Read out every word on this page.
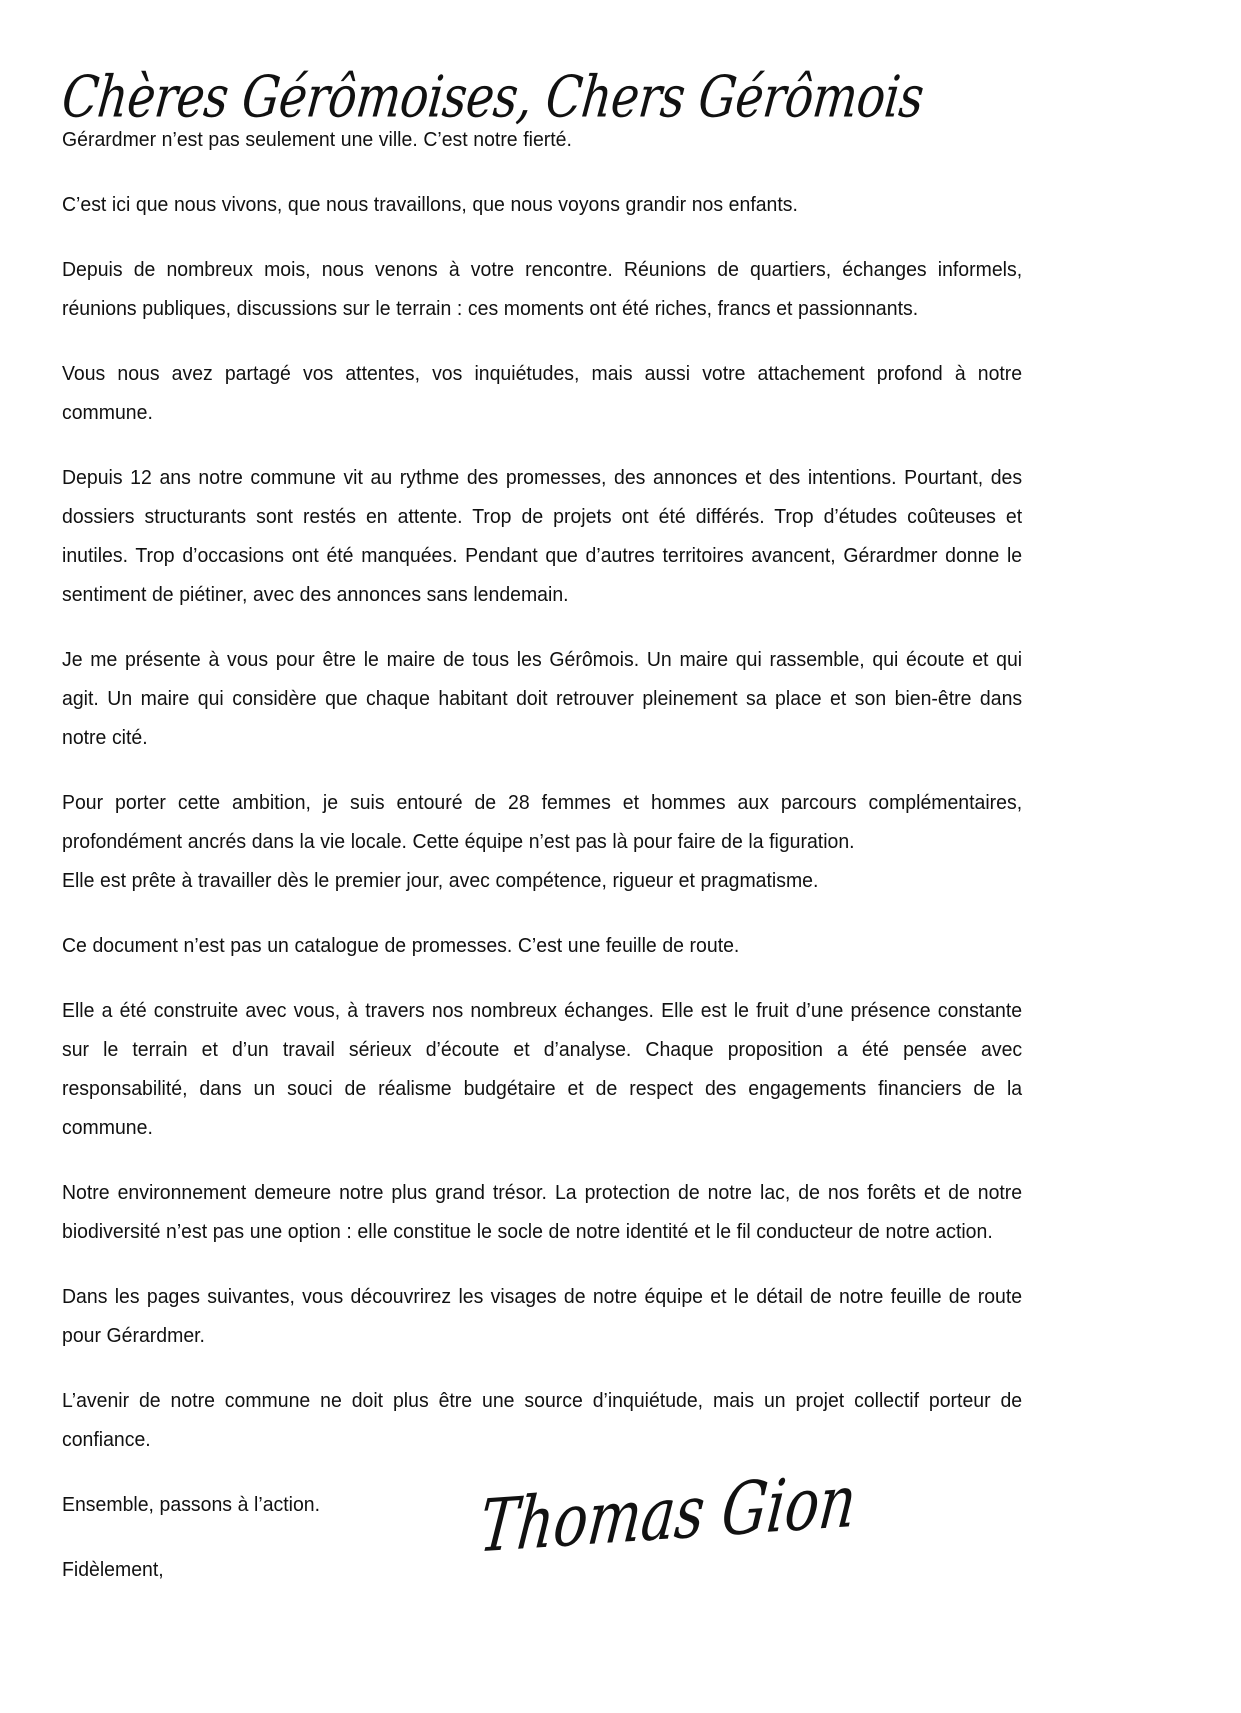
Chères Gérômoises, Chers Gérômois

Gérardmer n’est pas seulement une ville. C’est notre fierté.

C’est ici que nous vivons, que nous travaillons, que nous voyons grandir nos enfants.

Depuis de nombreux mois, nous venons à votre rencontre. Réunions de quartiers, échanges informels, réunions publiques, discussions sur le terrain : ces moments ont été riches, francs et passionnants.

Vous nous avez partagé vos attentes, vos inquiétudes, mais aussi votre attachement profond à notre commune.

Depuis 12 ans notre commune vit au rythme des promesses, des annonces et des intentions. Pourtant, des dossiers structurants sont restés en attente. Trop de projets ont été différés. Trop d’études coûteuses et inutiles. Trop d’occasions ont été manquées. Pendant que d’autres territoires avancent, Gérardmer donne le sentiment de piétiner, avec des annonces sans lendemain.

Je me présente à vous pour être le maire de tous les Gérômois. Un maire qui rassemble, qui écoute et qui agit. Un maire qui considère que chaque habitant doit retrouver pleinement sa place et son bien-être dans notre cité.

Pour porter cette ambition, je suis entouré de 28 femmes et hommes aux parcours complémentaires, profondément ancrés dans la vie locale. Cette équipe n’est pas là pour faire de la figuration.

Elle est prête à travailler dès le premier jour, avec compétence, rigueur et pragmatisme.

Ce document n’est pas un catalogue de promesses. C’est une feuille de route.

Elle a été construite avec vous, à travers nos nombreux échanges. Elle est le fruit d’une présence constante sur le terrain et d’un travail sérieux d’écoute et d’analyse. Chaque proposition a été pensée avec responsabilité, dans un souci de réalisme budgétaire et de respect des engagements financiers de la commune.

Notre environnement demeure notre plus grand trésor. La protection de notre lac, de nos forêts et de notre biodiversité n’est pas une option : elle constitue le socle de notre identité et le fil conducteur de notre action.

Dans les pages suivantes, vous découvrirez les visages de notre équipe et le détail de notre feuille de route pour Gérardmer.

L’avenir de notre commune ne doit plus être une source d’inquiétude, mais un projet collectif porteur de confiance.

Ensemble, passons à l’action.

Fidèlement,	Thomas Gion
